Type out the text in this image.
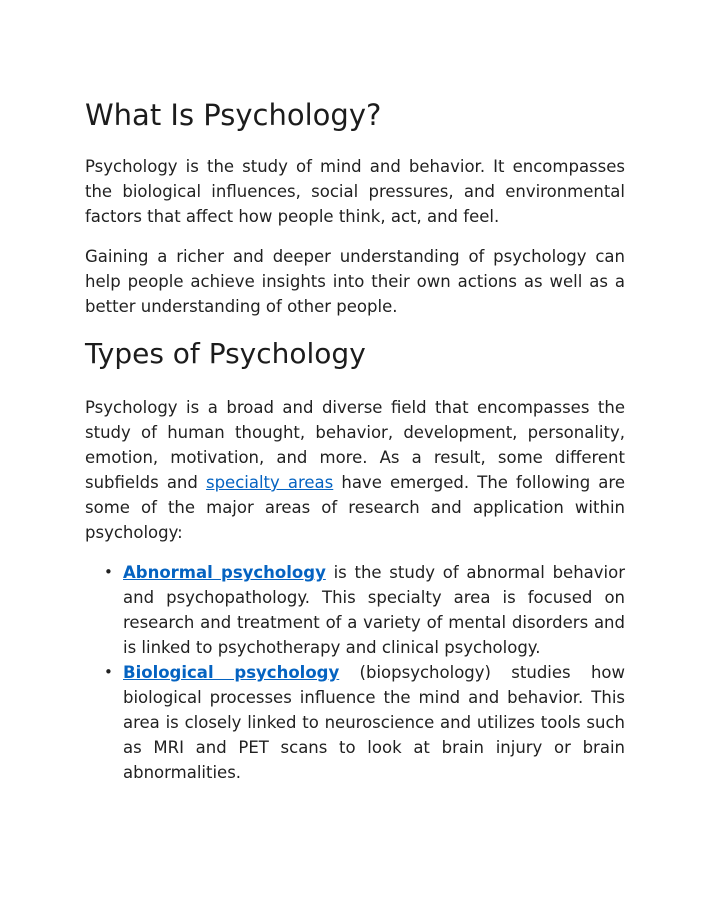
What Is Psychology?

Psychology is the study of mind and behavior. It encompasses the biological influences, social pressures, and environmental factors that affect how people think, act, and feel.

Gaining a richer and deeper understanding of psychology can help people achieve insights into their own actions as well as a better understanding of other people.

Types of Psychology

Psychology is a broad and diverse field that encompasses the study of human thought, behavior, development, personality, emotion, motivation, and more. As a result, some different subfields and specialty areas have emerged. The following are some of the major areas of research and application within psychology:

• Abnormal psychology is the study of abnormal behavior and psychopathology. This specialty area is focused on research and treatment of a variety of mental disorders and is linked to psychotherapy and clinical psychology.
• Biological psychology (biopsychology) studies how biological processes influence the mind and behavior. This area is closely linked to neuroscience and utilizes tools such as MRI and PET scans to look at brain injury or brain abnormalities.
